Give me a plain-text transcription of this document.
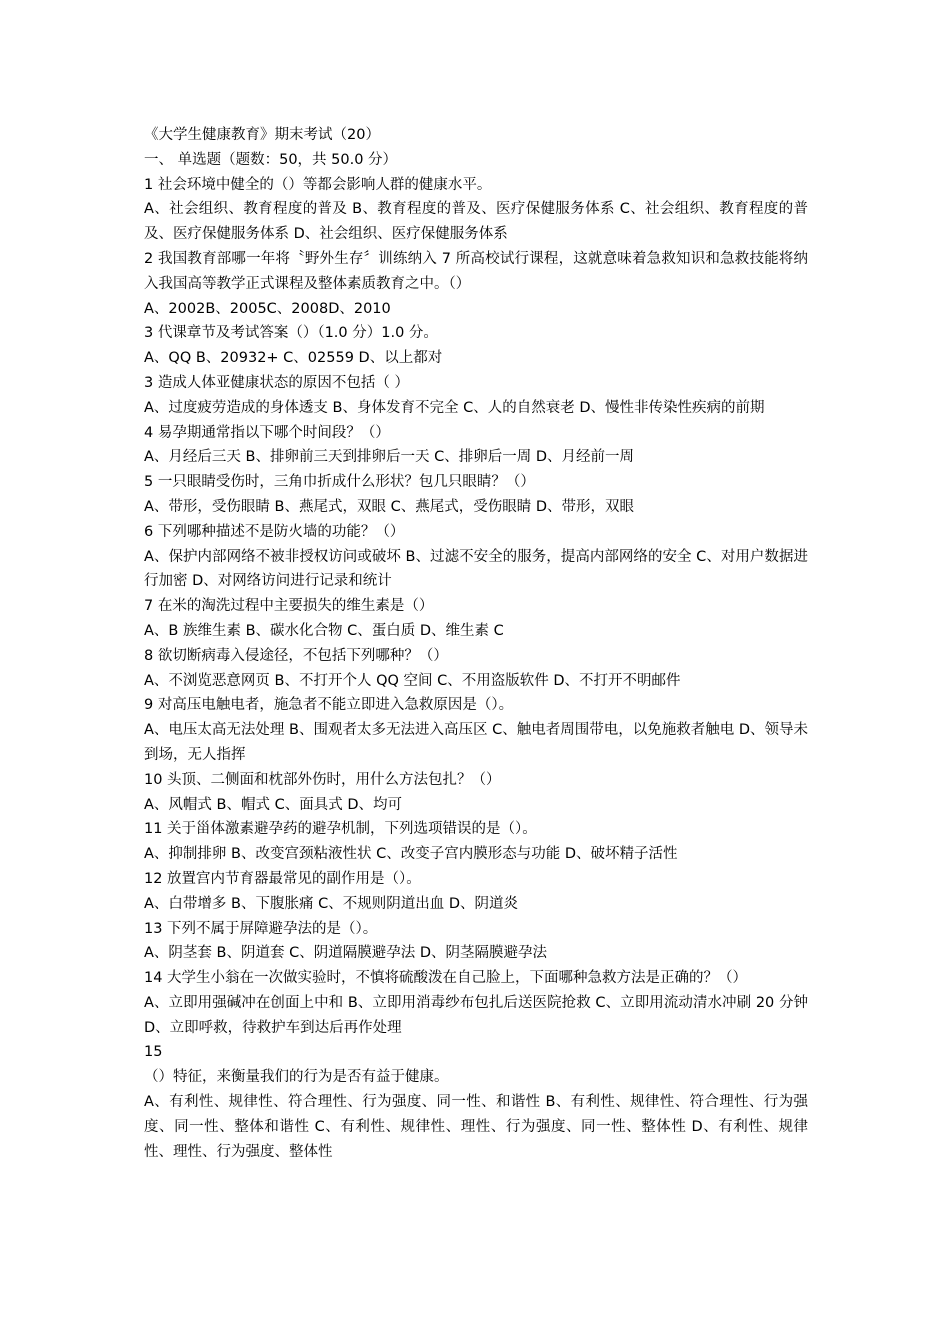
《大学生健康教育》期末考试（20）
一、 单选题（题数：50，共 50.0 分）
1 社会环境中健全的（）等都会影响人群的健康水平。
A、社会组织、教育程度的普及 B、教育程度的普及、医疗保健服务体系 C、社会组织、教育程度的普及、医疗保健服务体系 D、社会组织、医疗保健服务体系
2 我国教育部哪一年将〝野外生存〞训练纳入 7 所高校试行课程，这就意味着急救知识和急救技能将纳入我国高等教学正式课程及整体素质教育之中。（）
A、2002B、2005C、2008D、2010
3 代课章节及考试答案（）（1.0 分）1.0 分。
A、QQ B、20932+ C、02559 D、以上都对
3 造成人体亚健康状态的原因不包括（ ）
A、过度疲劳造成的身体透支 B、身体发育不完全 C、人的自然衰老 D、慢性非传染性疾病的前期
4 易孕期通常指以下哪个时间段？（）
A、月经后三天 B、排卵前三天到排卵后一天 C、排卵后一周 D、月经前一周
5 一只眼睛受伤时，三角巾折成什么形状？包几只眼睛？（）
A、带形，受伤眼睛 B、燕尾式，双眼 C、燕尾式，受伤眼睛 D、带形，双眼
6 下列哪种描述不是防火墙的功能？（）
A、保护内部网络不被非授权访问或破坏 B、过滤不安全的服务，提高内部网络的安全 C、对用户数据进行加密 D、对网络访问进行记录和统计
7 在米的淘洗过程中主要损失的维生素是（）
A、B 族维生素 B、碳水化合物 C、蛋白质 D、维生素 C
8 欲切断病毒入侵途径，不包括下列哪种？（）
A、不浏览恶意网页 B、不打开个人 QQ 空间 C、不用盗版软件 D、不打开不明邮件
9 对高压电触电者，施急者不能立即进入急救原因是（）。
A、电压太高无法处理 B、围观者太多无法进入高压区 C、触电者周围带电，以免施救者触电 D、领导未到场，无人指挥
10 头顶、二侧面和枕部外伤时，用什么方法包扎？（）
A、风帽式 B、帽式 C、面具式 D、均可
11 关于甾体激素避孕药的避孕机制，下列选项错误的是（）。
A、抑制排卵 B、改变宫颈粘液性状 C、改变子宫内膜形态与功能 D、破坏精子活性
12 放置宫内节育器最常见的副作用是（）。
A、白带增多 B、下腹胀痛 C、不规则阴道出血 D、阴道炎
13 下列不属于屏障避孕法的是（）。
A、阴茎套 B、阴道套 C、阴道隔膜避孕法 D、阴茎隔膜避孕法
14 大学生小翁在一次做实验时，不慎将硫酸泼在自己脸上，下面哪种急救方法是正确的？（）
A、立即用强碱冲在创面上中和 B、立即用消毒纱布包扎后送医院抢救 C、立即用流动清水冲刷 20 分钟 D、立即呼救，待救护车到达后再作处理
15
（）特征，来衡量我们的行为是否有益于健康。
A、有利性、规律性、符合理性、行为强度、同一性、和谐性 B、有利性、规律性、符合理性、行为强度、同一性、整体和谐性 C、有利性、规律性、理性、行为强度、同一性、整体性 D、有利性、规律性、理性、行为强度、整体性
